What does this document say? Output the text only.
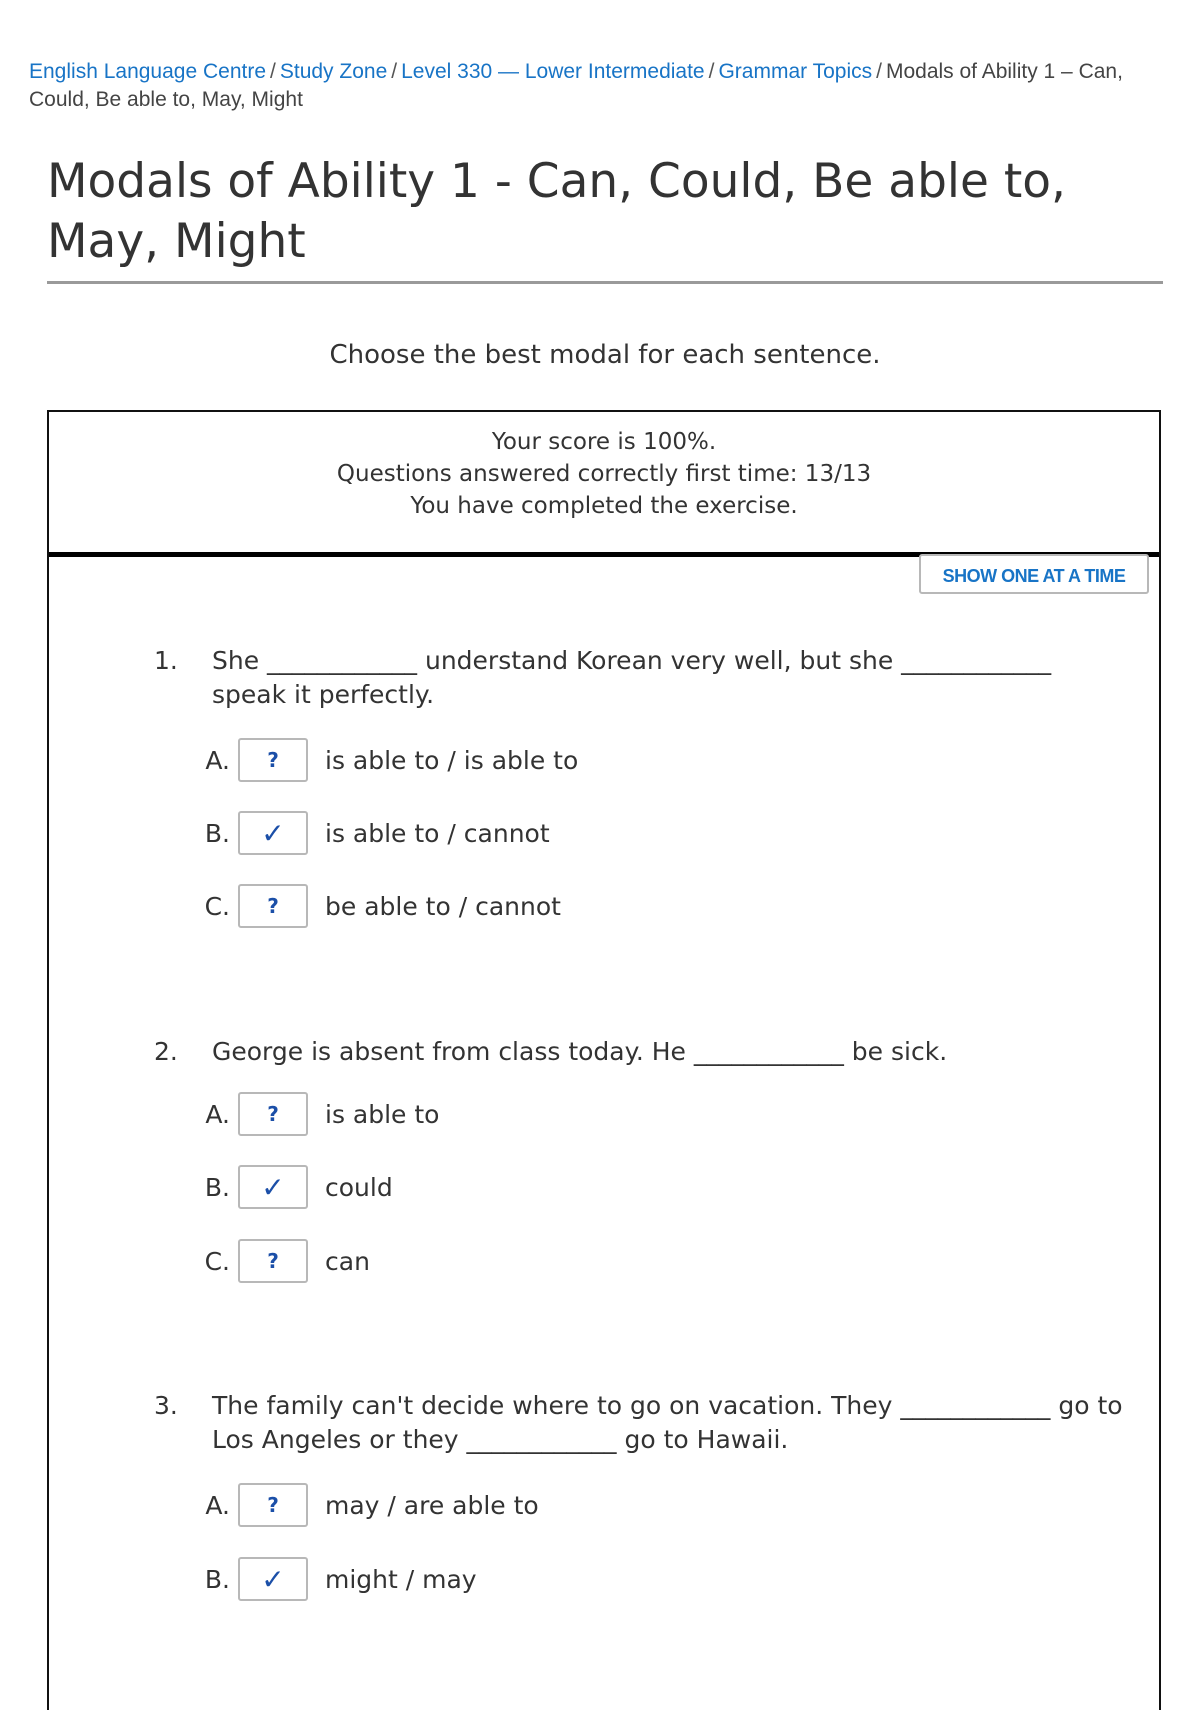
English Language Centre / Study Zone / Level 330 — Lower Intermediate / Grammar Topics / Modals of Ability 1 – Can, Could, Be able to, May, Might
Modals of Ability 1 - Can, Could, Be able to, May, Might
Choose the best modal for each sentence.
Your score is 100%.
Questions answered correctly first time: 13/13
You have completed the exercise.
SHOW ONE AT A TIME
1. She ____________ understand Korean very well, but she ____________ speak it perfectly.
A.	?	is able to / is able to
B.	✓	is able to / cannot
C.	?	be able to / cannot
2. George is absent from class today. He ____________ be sick.
A.	?	is able to
B.	✓	could
C.	?	can
3. The family can't decide where to go on vacation. They ____________ go to Los Angeles or they ____________ go to Hawaii.
A.	?	may / are able to
B.	✓	might / may
